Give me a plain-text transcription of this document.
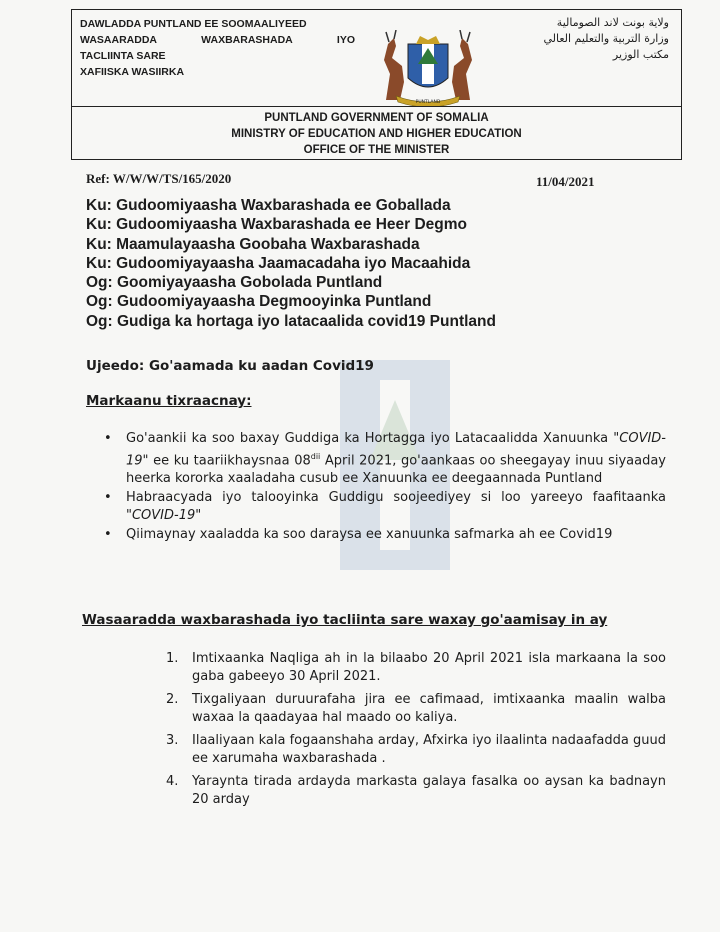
DAWLADDA PUNTLAND EE SOOMAALIYEED
WASAARADDA	WAXBARASHADA	IYO
TACLIINTA SARE
XAFIISKA WASIIRKA
PUNTLAND
ولاية بونت لاند الصومالية
وزارة التربية والتعليم العالي
مكتب الوزير
PUNTLAND GOVERNMENT OF SOMALIA
MINISTRY OF EDUCATION AND HIGHER EDUCATION
OFFICE OF THE MINISTER
Ref: W/W/W/TS/165/2020	11/04/2021
Ku: Gudoomiyaasha Waxbarashada ee Goballada
Ku: Gudoomiyaasha Waxbarashada ee Heer Degmo
Ku: Maamulayaasha Goobaha Waxbarashada
Ku: Gudoomiyayaasha Jaamacadaha iyo Macaahida
Og: Goomiyayaasha Gobolada Puntland
Og: Gudoomiyayaasha Degmooyinka Puntland
Og: Gudiga ka hortaga iyo latacaalida covid19 Puntland
Ujeedo: Go'aamada ku aadan Covid19
Markaanu tixraacnay:
• Go'aankii ka soo baxay Guddiga ka Hortagga iyo Latacaalidda Xanuunka "COVID-19" ee ku taariikhaysnaa $08^{dii}$ April 2021, go'aankaas oo sheegayay inuu siyaaday heerka kororka xaaladaha cusub ee Xanuunka ee deegaannada Puntland
• Habraacyada iyo talooyinka Guddigu soojeediyey si loo yareeyo faafitaanka "COVID-19"
• Qiimaynay xaaladda ka soo daraysa ee xanuunka safmarka ah ee Covid19
Wasaaradda waxbarashada iyo tacliinta sare waxay go'aamisay in ay
1. Imtixaanka Naqliga ah in la bilaabo 20 April 2021 isla markaana la soo gaba gabeeyo 30 April 2021.
2. Tixgaliyaan duruurafaha jira ee cafimaad, imtixaanka maalin walba waxaa la qaadayaa hal maado oo kaliya.
3. Ilaaliyaan kala fogaanshaha arday, Afxirka iyo ilaalinta nadaafadda guud ee xarumaha waxbarashada .
4. Yaraynta tirada ardayda markasta galaya fasalka oo aysan ka badnayn 20 arday
